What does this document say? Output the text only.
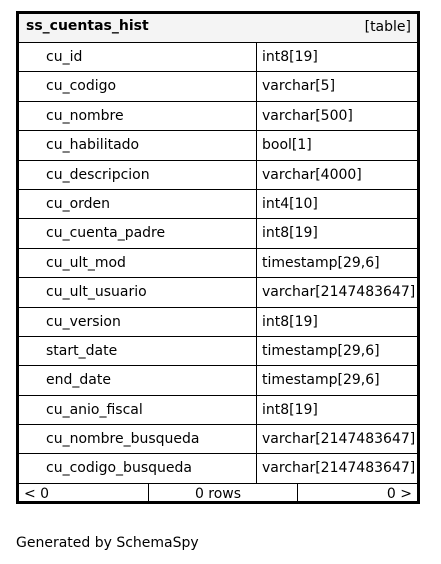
ss_cuentas_hist	[table]
cu_id	int8[19]
cu_codigo	varchar[5]
cu_nombre	varchar[500]
cu_habilitado	bool[1]
cu_descripcion	varchar[4000]
cu_orden	int4[10]
cu_cuenta_padre	int8[19]
cu_ult_mod	timestamp[29,6]
cu_ult_usuario	varchar[2147483647]
cu_version	int8[19]
start_date	timestamp[29,6]
end_date	timestamp[29,6]
cu_anio_fiscal	int8[19]
cu_nombre_busqueda	varchar[2147483647]
cu_codigo_busqueda	varchar[2147483647]
< 0	0 rows	0 >
Generated by SchemaSpy
